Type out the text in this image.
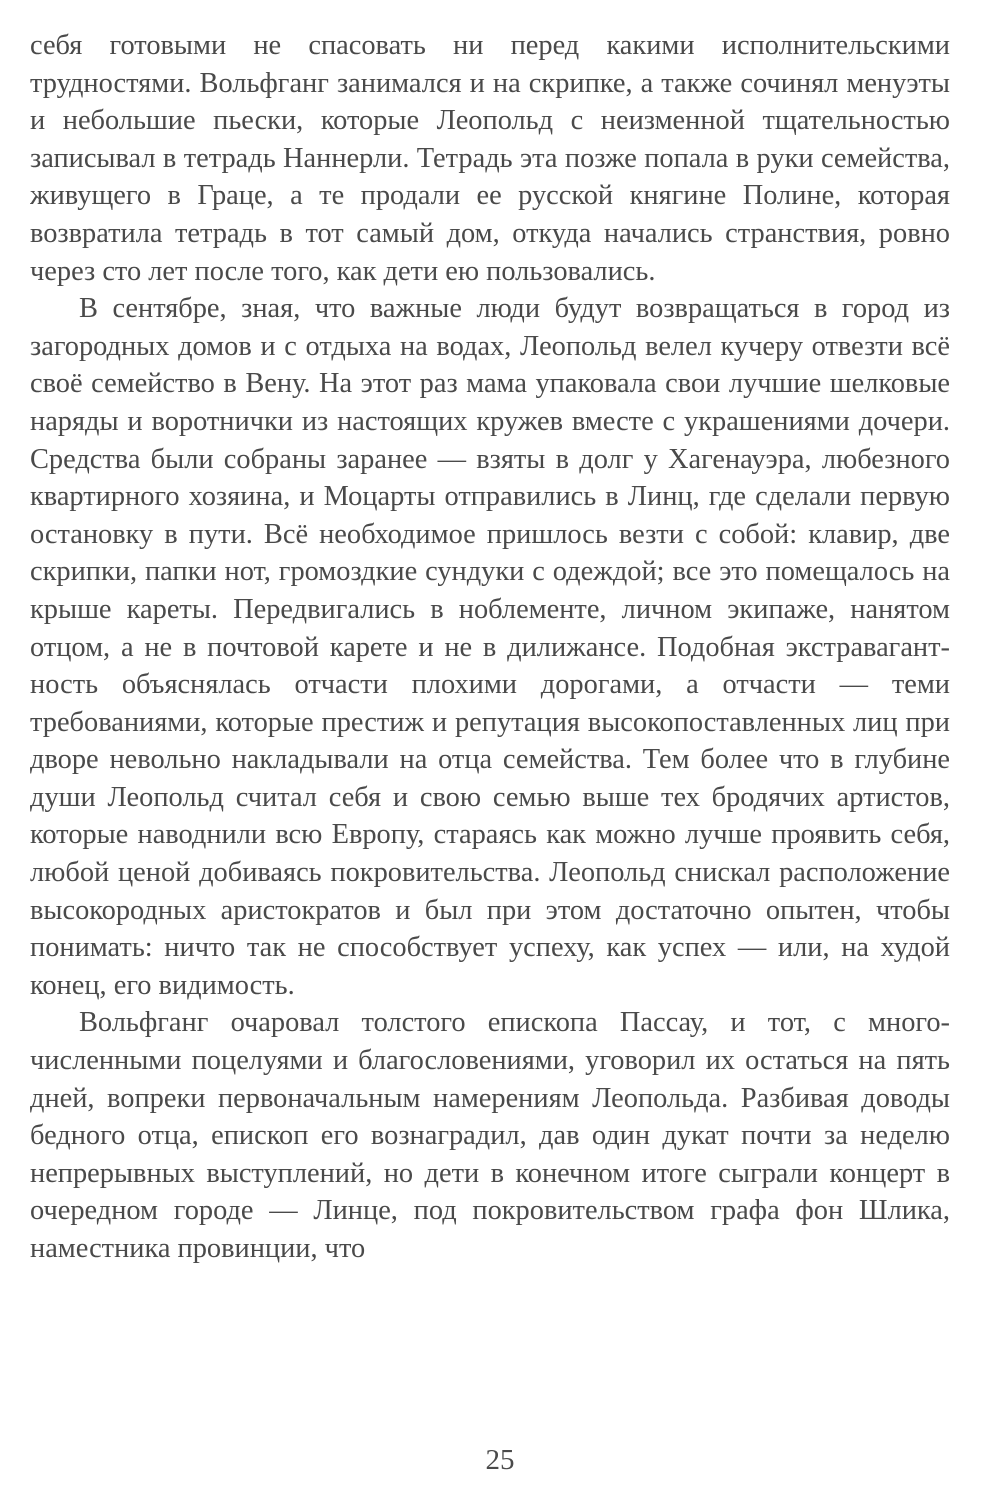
себя готовыми не спасовать ни перед какими исполнительскими трудностями. Вольфганг занимался и на скрипке, а также сочинял менуэты и небольшие пьески, которые Леопольд с неизменной тщательностью записывал в тетрадь Наннерли. Тетрадь эта позже попала в руки семейства, живущего в Граце, а те продали ее русской княгине Полине, которая возвратила тетрадь в тот самый дом, откуда начались странствия, ровно через сто лет после того, как дети ею пользовались.

В сентябре, зная, что важные люди будут возвращаться в город из загородных домов и с отдыха на водах, Леопольд велел кучеру отвезти всё своё семейство в Вену. На этот раз мама упаковала свои лучшие шелковые наряды и воротнички из настоящих кружев вместе с украшениями дочери. Средства были собраны заранее — взяты в долг у Хагенауэра, любезного квартирного хозяина, и Моцарты отправились в Линц, где сделали первую остановку в пути. Всё необходимое пришлось везти с собой: клавир, две скрипки, папки нот, громоздкие сундуки с одеждой; все это помещалось на крыше кареты. Передвигались в ноблементе, личном экипаже, нанятом отцом, а не в почтовой карете и не в дилижансе. Подобная экстравагантность объяснялась отчасти плохими дорогами, а отчасти — теми требованиями, которые престиж и репутация высокопоставленных лиц при дворе невольно накладывали на отца семейства. Тем более что в глубине души Леопольд считал себя и свою семью выше тех бродячих артистов, которые наводнили всю Европу, стараясь как можно лучше проявить себя, любой ценой добиваясь покровительства. Леопольд снискал расположение высокородных аристократов и был при этом достаточно опытен, чтобы понимать: ничто так не способствует успеху, как успех — или, на худой конец, его видимость.

Вольфганг очаровал толстого епископа Пассау, и тот, с многочисленными поцелуями и благословениями, уговорил их остаться на пять дней, вопреки первоначальным намерениям Леопольда. Разбивая доводы бедного отца, епископ его вознаградил, дав один дукат почти за неделю непрерывных выступлений, но дети в конечном итоге сыграли концерт в очередном городе — Линце, под покровительством графа фон Шлика, наместника провинции, что

25
